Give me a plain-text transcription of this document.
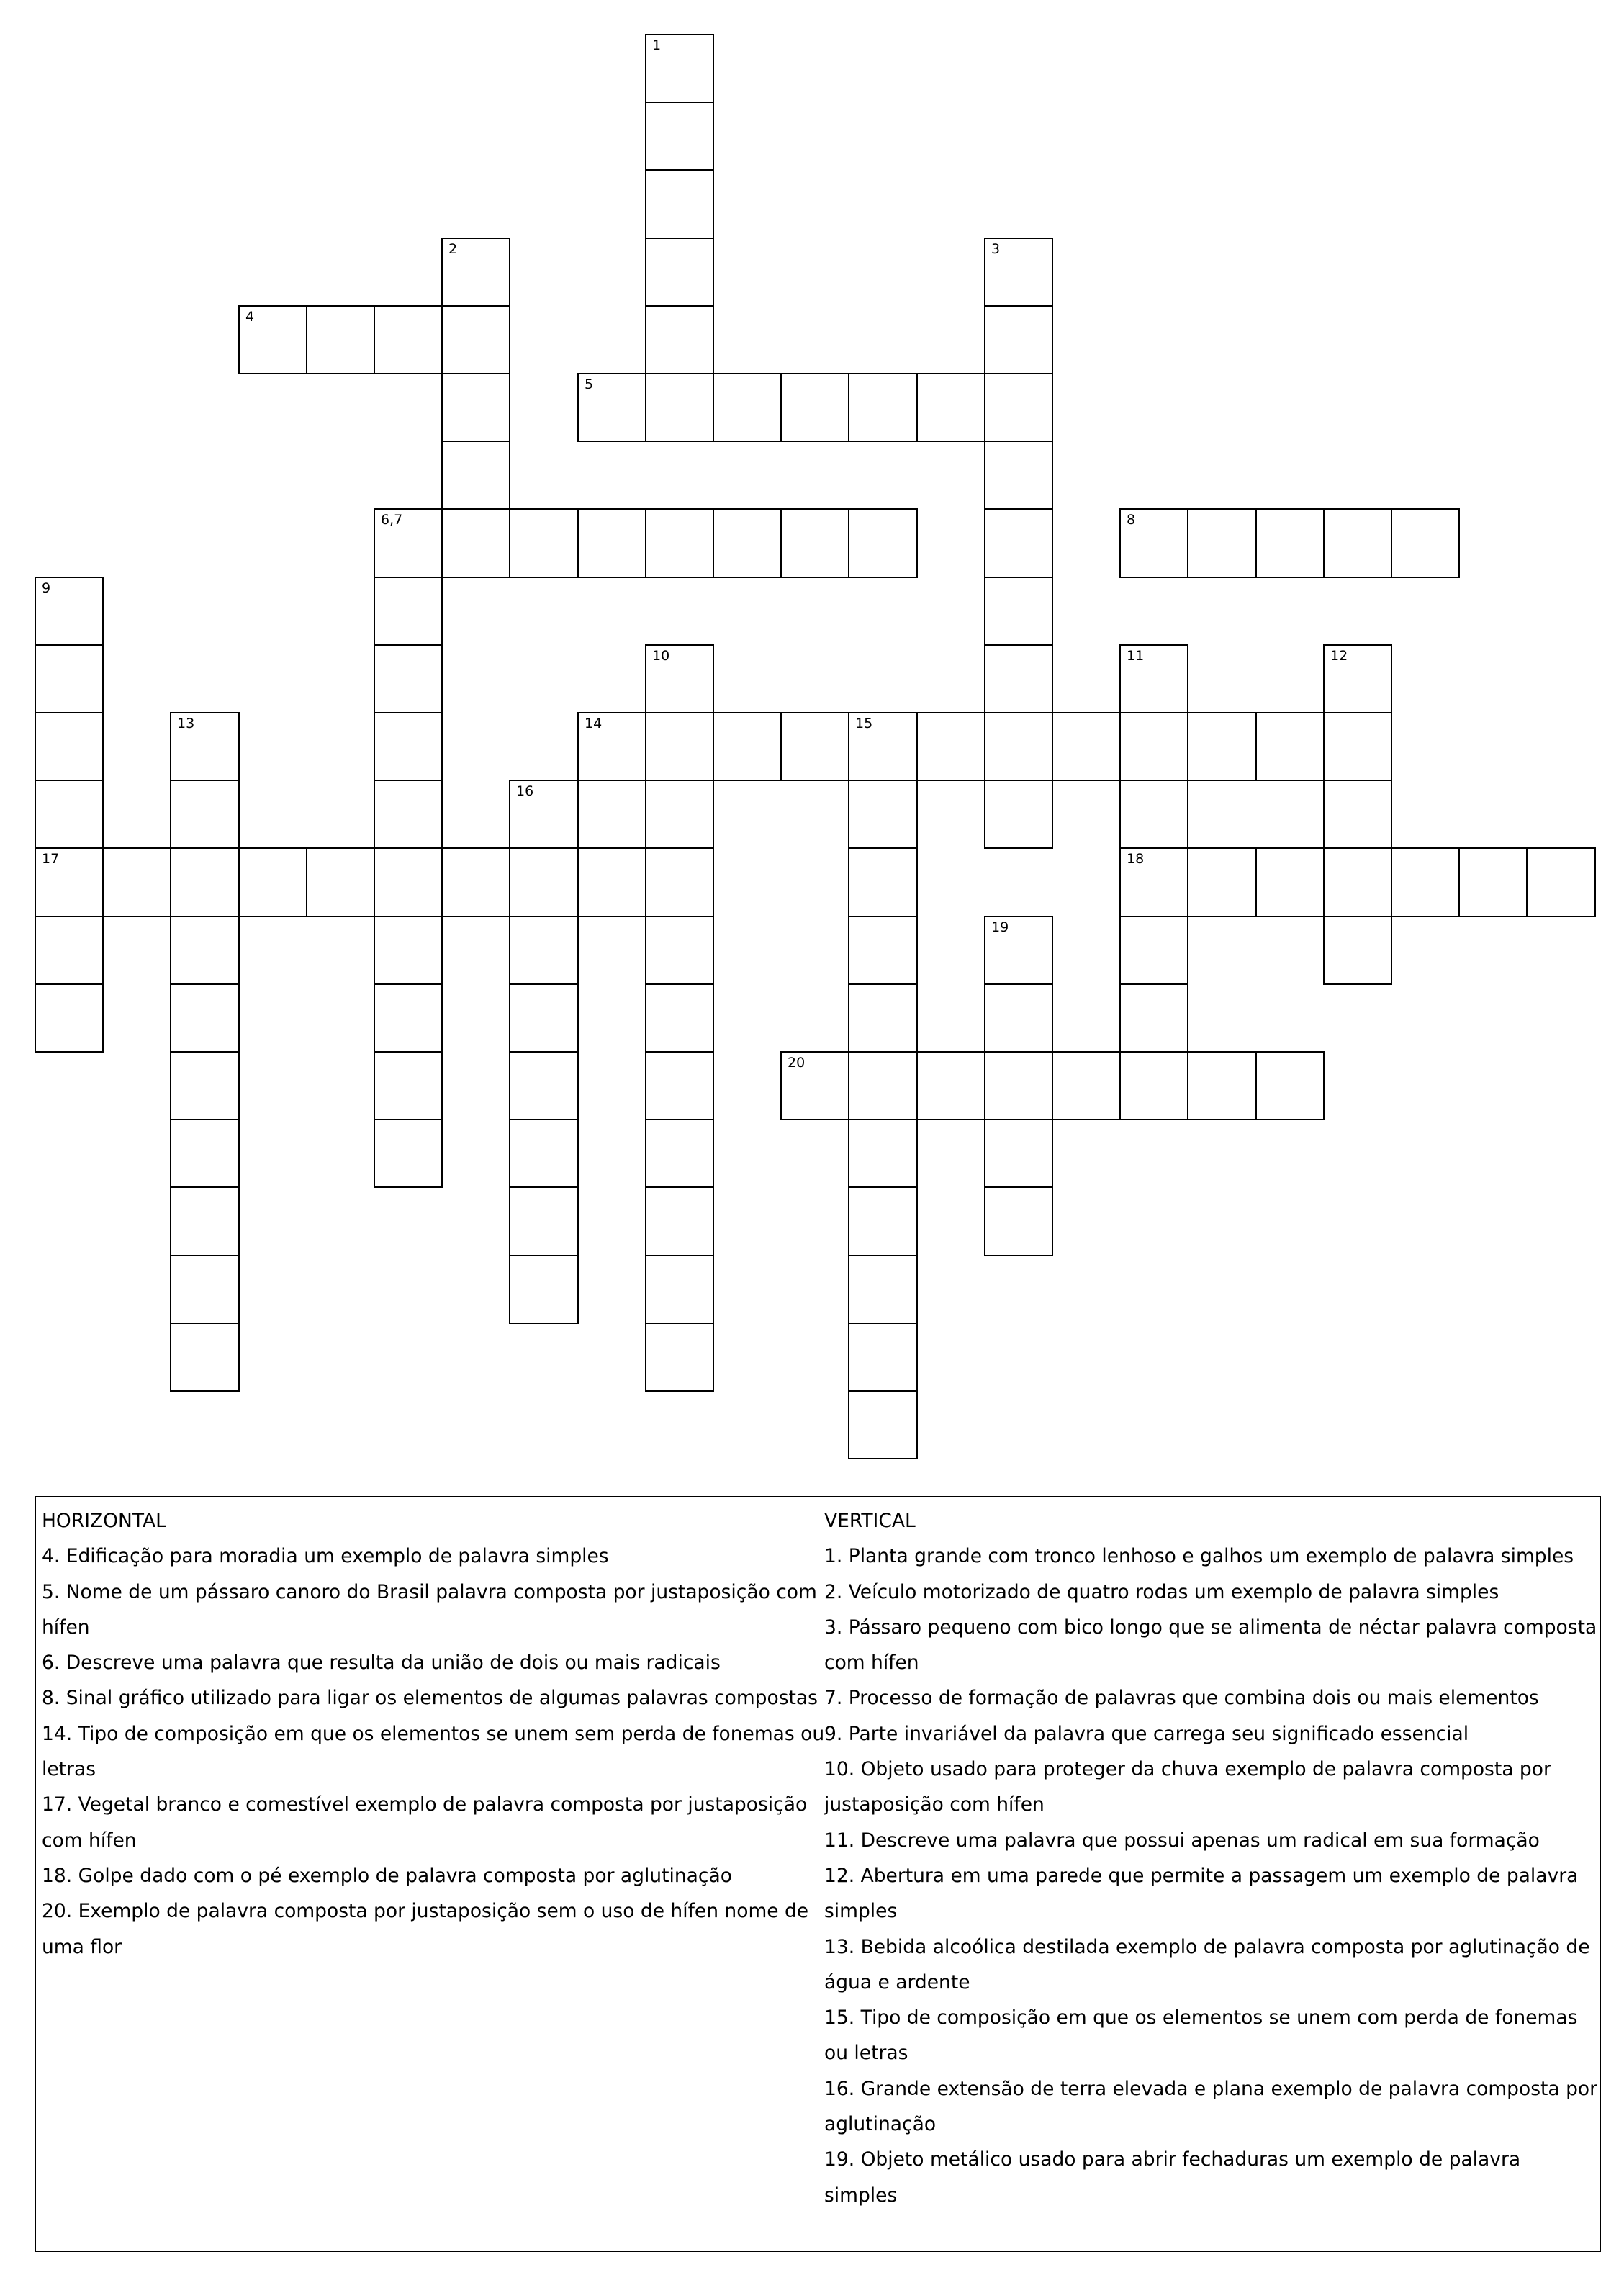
1
2	3
4
5
6,7	8
9
17
10	11
18
12
13	14	15
16
19
20

HORIZONTAL

4. Edificação para moradia um exemplo de palavra simples

5. Nome de um pássaro canoro do Brasil palavra composta por justaposição com hífen

6. Descreve uma palavra que resulta da união de dois ou mais radicais

8. Sinal gráfico utilizado para ligar os elementos de algumas palavras compostas

14. Tipo de composição em que os elementos se unem sem perda de fonemas ou letras

17. Vegetal branco e comestível exemplo de palavra composta por justaposição com hífen

18. Golpe dado com o pé exemplo de palavra composta por aglutinação

20. Exemplo de palavra composta por justaposição sem o uso de hífen nome de uma flor

VERTICAL

1. Planta grande com tronco lenhoso e galhos um exemplo de palavra simples

2. Veículo motorizado de quatro rodas um exemplo de palavra simples

3. Pássaro pequeno com bico longo que se alimenta de néctar palavra composta com hífen

7. Processo de formação de palavras que combina dois ou mais elementos

9. Parte invariável da palavra que carrega seu significado essencial

10. Objeto usado para proteger da chuva exemplo de palavra composta por justaposição com hífen

11. Descreve uma palavra que possui apenas um radical em sua formação

12. Abertura em uma parede que permite a passagem um exemplo de palavra simples

13. Bebida alcoólica destilada exemplo de palavra composta por aglutinação de água e ardente

15. Tipo de composição em que os elementos se unem com perda de fonemas ou letras

16. Grande extensão de terra elevada e plana exemplo de palavra composta por aglutinação

19. Objeto metálico usado para abrir fechaduras um exemplo de palavra simples
